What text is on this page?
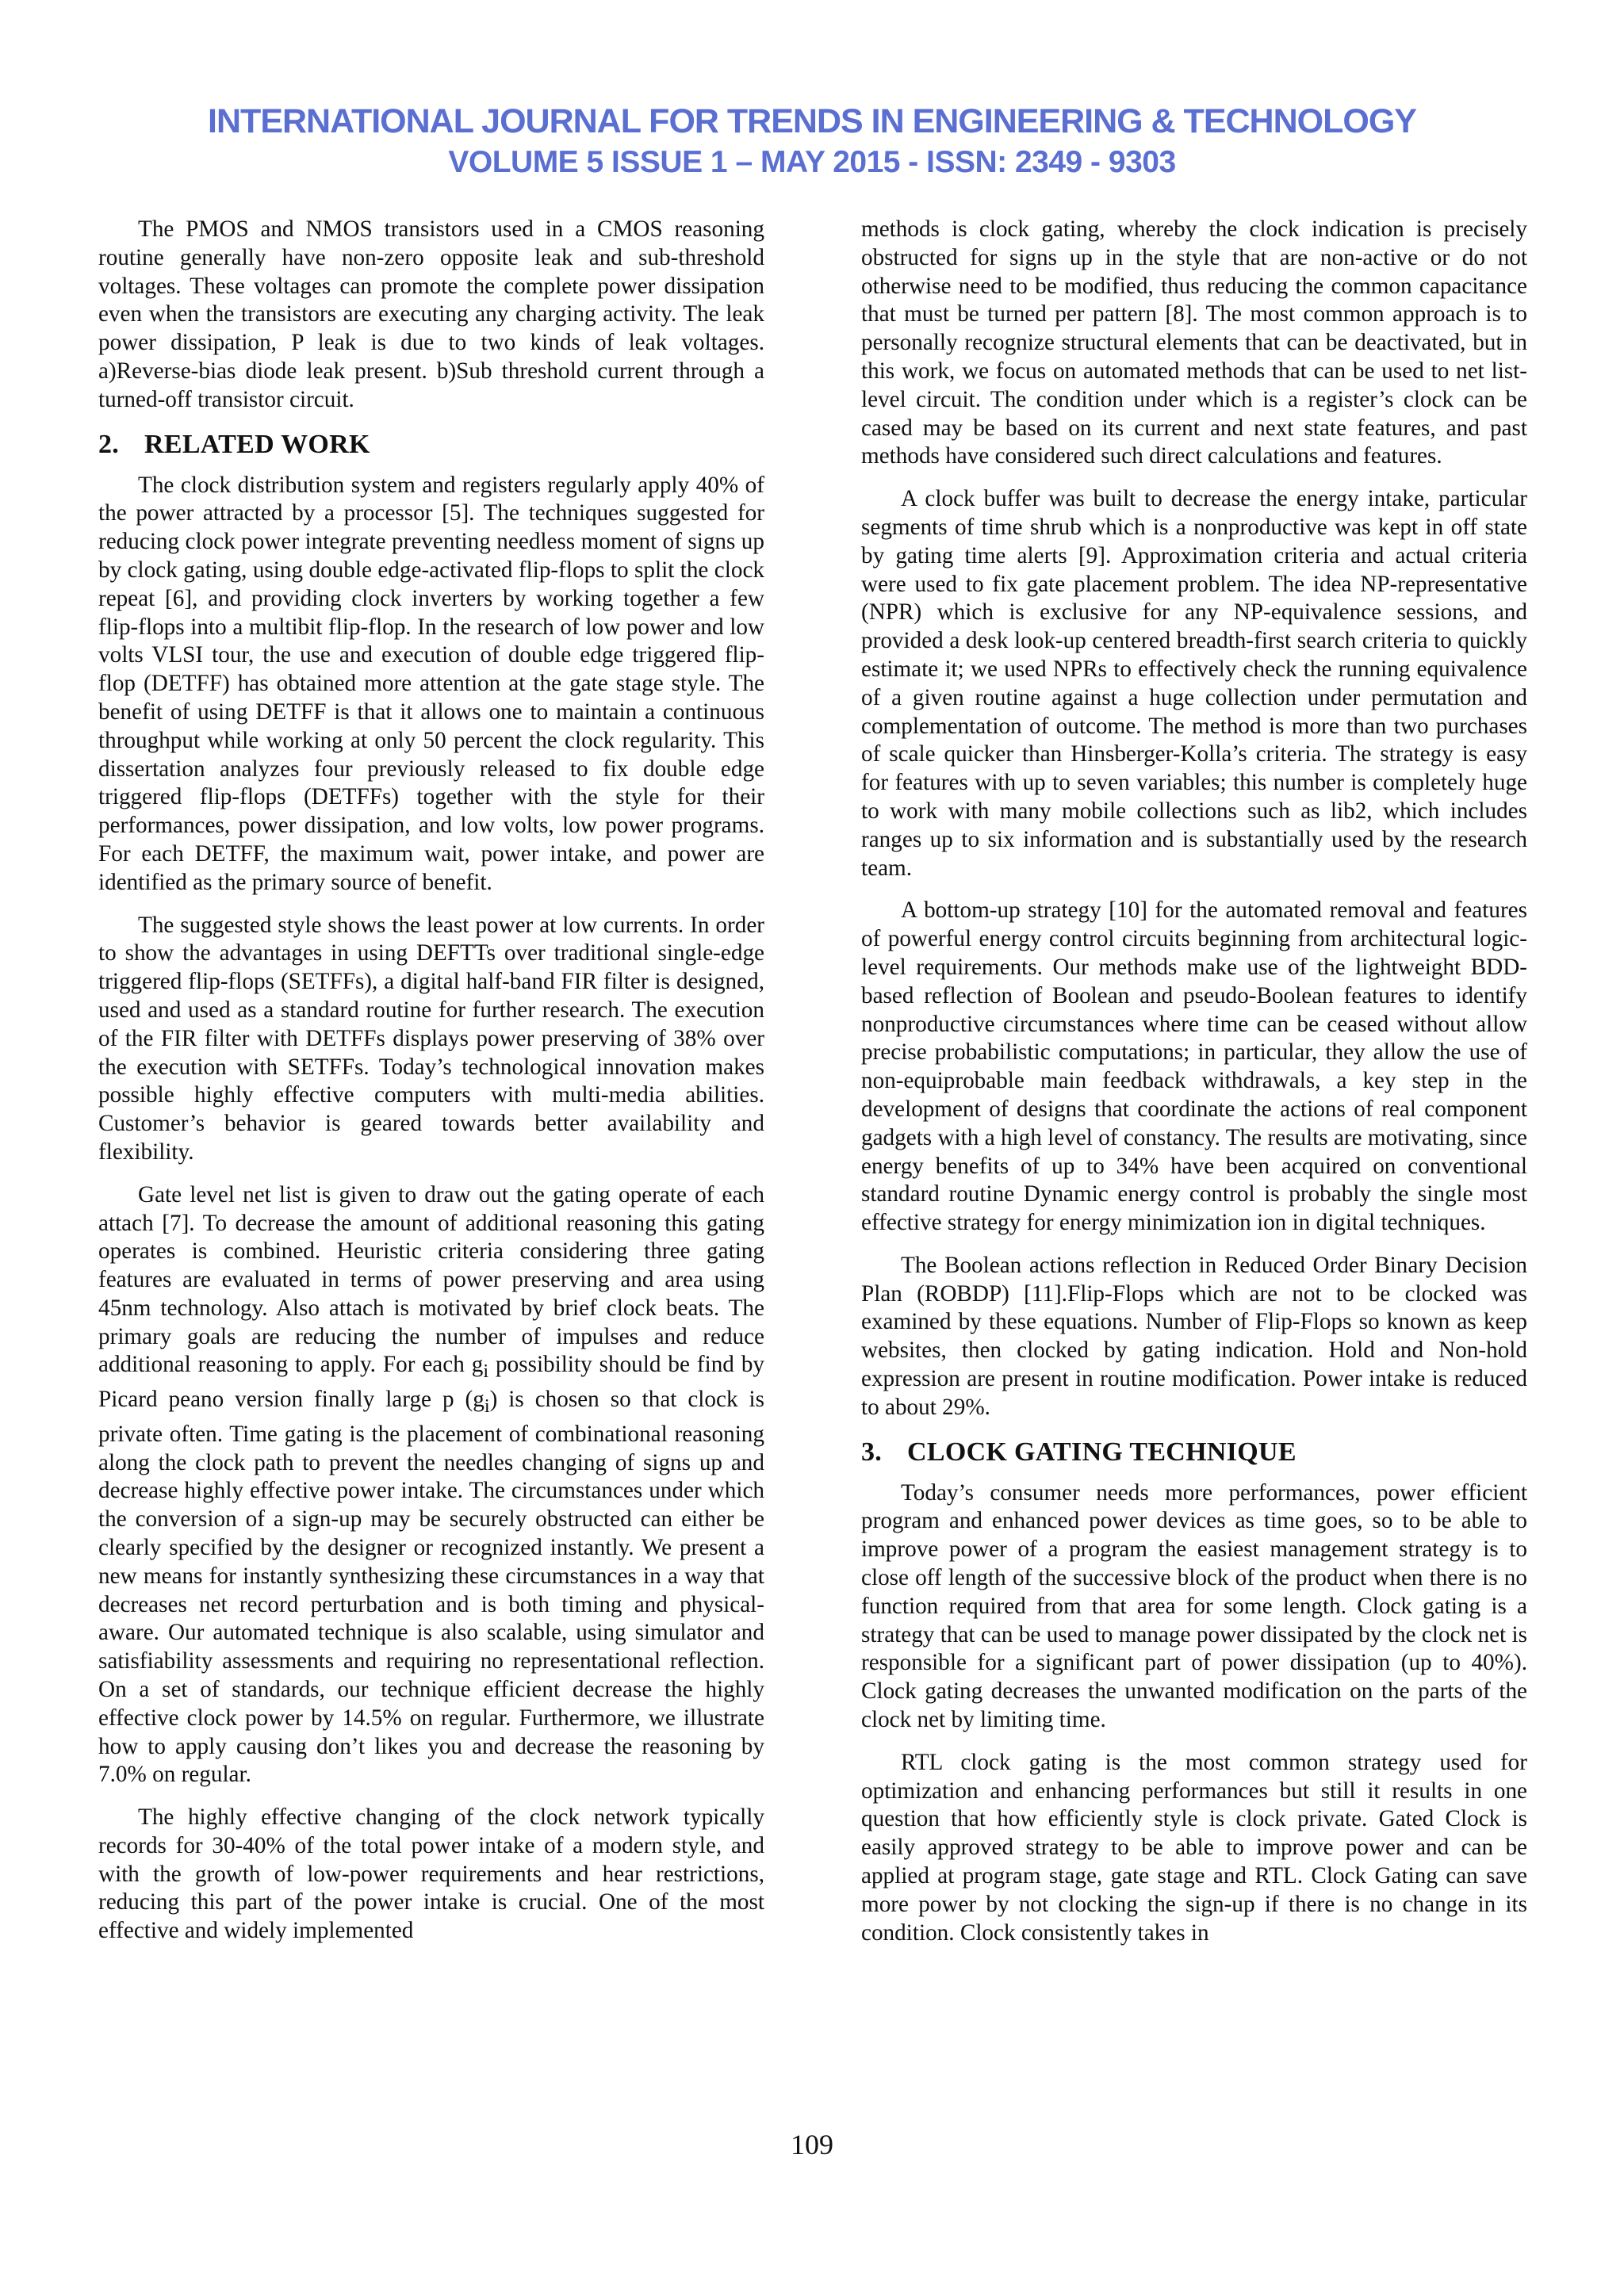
INTERNATIONAL JOURNAL FOR TRENDS IN ENGINEERING & TECHNOLOGY
VOLUME 5 ISSUE 1 – MAY 2015 - ISSN: 2349 - 9303

The PMOS and NMOS transistors used in a CMOS reasoning routine generally have non-zero opposite leak and sub-threshold voltages. These voltages can promote the complete power dissipation even when the transistors are executing any charging activity. The leak power dissipation, P leak is due to two kinds of leak voltages. a)Reverse-bias diode leak present. b)Sub threshold current through a turned-off transistor circuit.

2. RELATED WORK

The clock distribution system and registers regularly apply 40% of the power attracted by a processor [5]. The techniques suggested for reducing clock power integrate preventing needless moment of signs up by clock gating, using double edge-activated flip-flops to split the clock repeat [6], and providing clock inverters by working together a few flip-flops into a multibit flip-flop. In the research of low power and low volts VLSI tour, the use and execution of double edge triggered flip-flop (DETFF) has obtained more attention at the gate stage style. The benefit of using DETFF is that it allows one to maintain a continuous throughput while working at only 50 percent the clock regularity. This dissertation analyzes four previously released to fix double edge triggered flip-flops (DETFFs) together with the style for their performances, power dissipation, and low volts, low power programs. For each DETFF, the maximum wait, power intake, and power are identified as the primary source of benefit.

The suggested style shows the least power at low currents. In order to show the advantages in using DEFTTs over traditional single-edge triggered flip-flops (SETFFs), a digital half-band FIR filter is designed, used and used as a standard routine for further research. The execution of the FIR filter with DETFFs displays power preserving of 38% over the execution with SETFFs. Today’s technological innovation makes possible highly effective computers with multi-media abilities. Customer’s behavior is geared towards better availability and flexibility.

Gate level net list is given to draw out the gating operate of each attach [7]. To decrease the amount of additional reasoning this gating operates is combined. Heuristic criteria considering three gating features are evaluated in terms of power preserving and area using 45nm technology. Also attach is motivated by brief clock beats. The primary goals are reducing the number of impulses and reduce additional reasoning to apply. For each $g_i$ possibility should be find by Picard peano version finally large p $(g_i)$ is chosen so that clock is private often. Time gating is the placement of combinational reasoning along the clock path to prevent the needles changing of signs up and decrease highly effective power intake. The circumstances under which the conversion of a sign-up may be securely obstructed can either be clearly specified by the designer or recognized instantly. We present a new means for instantly synthesizing these circumstances in a way that decreases net record perturbation and is both timing and physical-aware. Our automated technique is also scalable, using simulator and satisfiability assessments and requiring no representational reflection. On a set of standards, our technique efficient decrease the highly effective clock power by 14.5% on regular. Furthermore, we illustrate how to apply causing don’t likes you and decrease the reasoning by 7.0% on regular.

The highly effective changing of the clock network typically records for 30-40% of the total power intake of a modern style, and with the growth of low-power requirements and hear restrictions, reducing this part of the power intake is crucial. One of the most effective and widely implemented

methods is clock gating, whereby the clock indication is precisely obstructed for signs up in the style that are non-active or do not otherwise need to be modified, thus reducing the common capacitance that must be turned per pattern [8]. The most common approach is to personally recognize structural elements that can be deactivated, but in this work, we focus on automated methods that can be used to net list-level circuit. The condition under which is a register’s clock can be cased may be based on its current and next state features, and past methods have considered such direct calculations and features.

A clock buffer was built to decrease the energy intake, particular segments of time shrub which is a nonproductive was kept in off state by gating time alerts [9]. Approximation criteria and actual criteria were used to fix gate placement problem. The idea NP-representative (NPR) which is exclusive for any NP-equivalence sessions, and provided a desk look-up centered breadth-first search criteria to quickly estimate it; we used NPRs to effectively check the running equivalence of a given routine against a huge collection under permutation and complementation of outcome. The method is more than two purchases of scale quicker than Hinsberger-Kolla’s criteria. The strategy is easy for features with up to seven variables; this number is completely huge to work with many mobile collections such as lib2, which includes ranges up to six information and is substantially used by the research team.

A bottom-up strategy [10] for the automated removal and features of powerful energy control circuits beginning from architectural logic-level requirements. Our methods make use of the lightweight BDD-based reflection of Boolean and pseudo-Boolean features to identify nonproductive circumstances where time can be ceased without allow precise probabilistic computations; in particular, they allow the use of non-equiprobable main feedback withdrawals, a key step in the development of designs that coordinate the actions of real component gadgets with a high level of constancy. The results are motivating, since energy benefits of up to 34% have been acquired on conventional standard routine Dynamic energy control is probably the single most effective strategy for energy minimization ion in digital techniques.

The Boolean actions reflection in Reduced Order Binary Decision Plan (ROBDP) [11].Flip-Flops which are not to be clocked was examined by these equations. Number of Flip-Flops so known as keep websites, then clocked by gating indication. Hold and Non-hold expression are present in routine modification. Power intake is reduced to about 29%.

3. CLOCK GATING TECHNIQUE

Today’s consumer needs more performances, power efficient program and enhanced power devices as time goes, so to be able to improve power of a program the easiest management strategy is to close off length of the successive block of the product when there is no function required from that area for some length. Clock gating is a strategy that can be used to manage power dissipated by the clock net is responsible for a significant part of power dissipation (up to 40%). Clock gating decreases the unwanted modification on the parts of the clock net by limiting time.

RTL clock gating is the most common strategy used for optimization and enhancing performances but still it results in one question that how efficiently style is clock private. Gated Clock is easily approved strategy to be able to improve power and can be applied at program stage, gate stage and RTL. Clock Gating can save more power by not clocking the sign-up if there is no change in its condition. Clock consistently takes in

109
